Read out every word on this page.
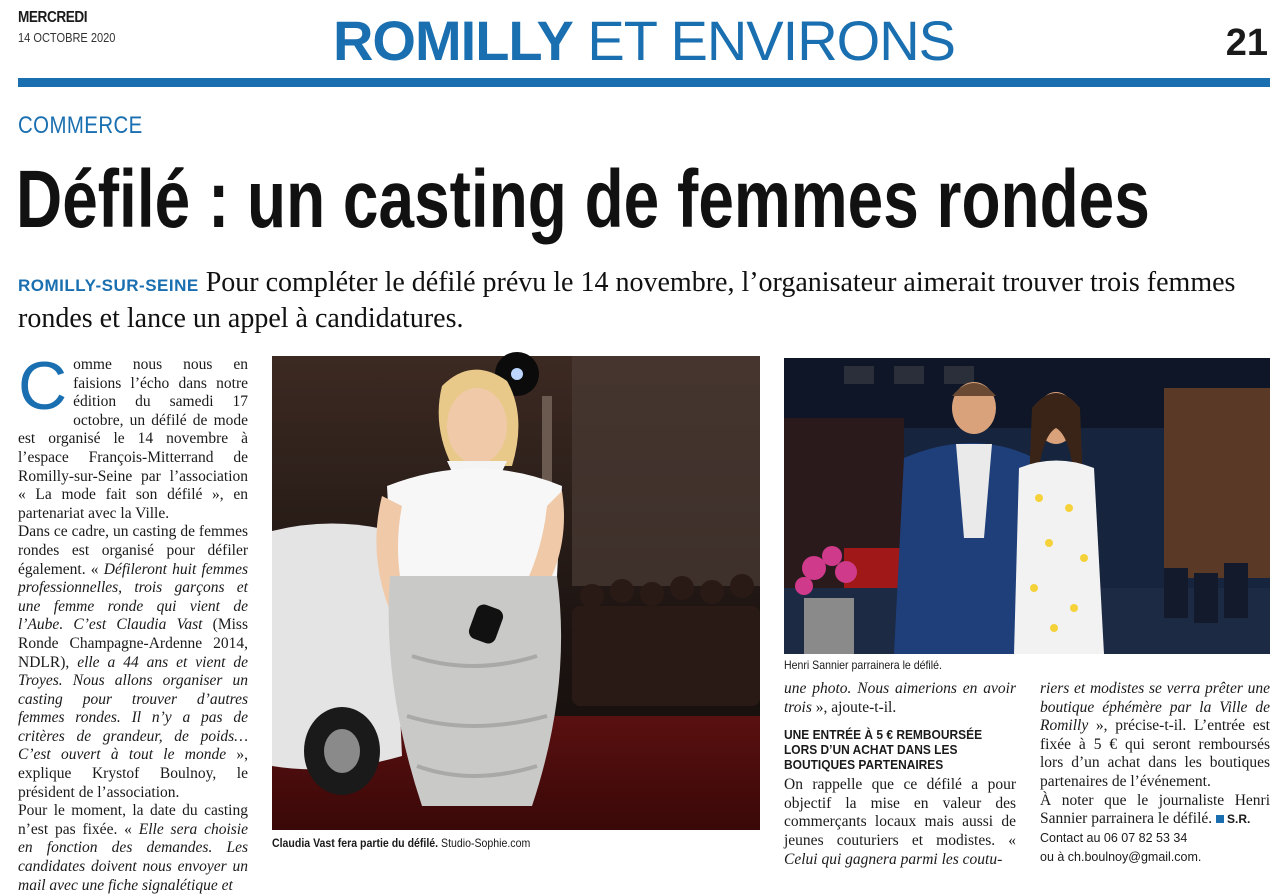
MERCREDI
14 OCTOBRE 2020	ROMILLY ET ENVIRONS	21
COMMERCE
Défilé : un casting de femmes rondes
ROMILLY-SUR-SEINE Pour compléter le défilé prévu le 14 novembre, l’organisateur aimerait trouver trois femmes rondes et lance un appel à candidatures.

Comme nous nous en faisions l’écho dans notre édition du samedi 17 octobre, un défilé de mode est organisé le 14 novembre à l’espace François-Mitterrand de Romilly-sur-Seine par l’association « La mode fait son défilé », en partenariat avec la Ville.

Dans ce cadre, un casting de femmes rondes est organisé pour défiler également. « Défileront huit femmes professionnelles, trois garçons et une femme ronde qui vient de l’Aube. C’est Claudia Vast (Miss Ronde Champagne-Ardenne 2014, NDLR), elle a 44 ans et vient de Troyes. Nous allons organiser un casting pour trouver d’autres femmes rondes. Il n’y a pas de critères de grandeur, de poids… C’est ouvert à tout le monde », explique Krystof Boulnoy, le président de l’association.

Pour le moment, la date du casting n’est pas fixée. « Elle sera choisie en fonction des demandes. Les candidates doivent nous envoyer un mail avec une fiche signalétique et

Claudia Vast fera partie du défilé. Studio-Sophie.com
Henri Sannier parrainera le défilé.

une photo. Nous aimerions en avoir trois », ajoute-t-il.

UNE ENTRÉE À 5 € REMBOURSÉE LORS D’UN ACHAT DANS LES BOUTIQUES PARTENAIRES

On rappelle que ce défilé a pour objectif la mise en valeur des commerçants locaux mais aussi de jeunes couturiers et modistes. « Celui qui gagnera parmi les coutu-

riers et modistes se verra prêter une boutique éphémère par la Ville de Romilly », précise-t-il. L’entrée est fixée à 5 € qui seront remboursés lors d’un achat dans les boutiques partenaires de l’événement.

À noter que le journaliste Henri Sannier parrainera le défilé. S.R.

Contact au 06 07 82 53 34

ou à ch.boulnoy@gmail.com.
